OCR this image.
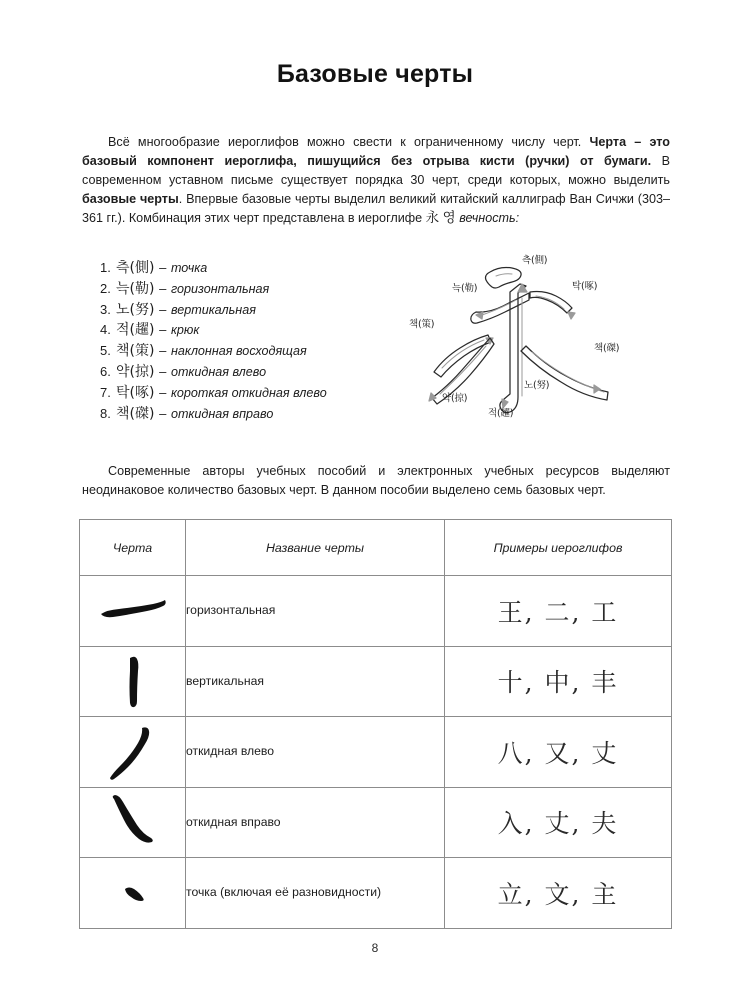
Базовые черты
Всё многообразие иероглифов можно свести к ограниченному числу черт. Черта – это базовый компонент иероглифа, пишущийся без отрыва кисти (ручки) от бумаги. В современном уставном письме существует порядка 30 черт, среди которых, можно выделить базовые черты. Впервые базовые черты выделил великий китайский каллиграф Ван Сичжи (303–361 гг.). Комбинация этих черт представлена в иероглифе 永 영 вечность:
1. 측(側) – точка
2. 늑(勒) – горизонтальная
3. 노(努) – вертикальная
4. 적(趯) – крюк
5. 책(策) – наклонная восходящая
6. 약(掠) – откидная влево
7. 탁(啄) – короткая откидная влево
8. 책(磔) – откидная вправо
측(側)
늑(勒)	탁(啄)
책(策)
책(磔)
노(努)
약(掠)
적(趯)
Современные авторы учебных пособий и электронных учебных ресурсов выделяют неодинаковое количество базовых черт. В данном пособии выделено семь базовых черт.
Черта	Название черты	Примеры иероглифов
	горизонтальная	王, 二, 工
	вертикальная	十, 中, 丰
	откидная влево	八, 又, 丈
	откидная вправо	入, 丈, 夫
	точка (включая её разновидности)	立, 文, 主
8
